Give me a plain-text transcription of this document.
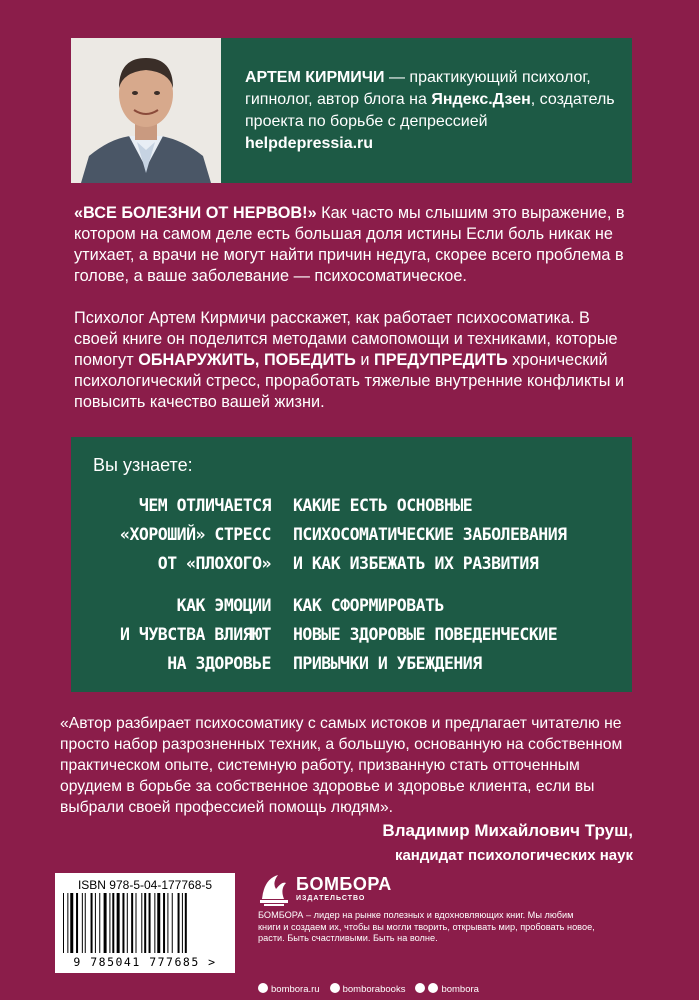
АРТЕМ КИРМИЧИ — практикующий психолог, гипнолог, автор блога на Яндекс.Дзен, создатель проекта по борьбе с депрессией helpdepressia.ru

«ВСЕ БОЛЕЗНИ ОТ НЕРВОВ!» Как часто мы слышим это выражение, в котором на самом деле есть большая доля истины Если боль никак не утихает, а врачи не могут найти причин недуга, скорее всего проблема в голове, а ваше заболевание — психосоматическое.

Психолог Артем Кирмичи расскажет, как работает психосоматика. В своей книге он поделится методами самопомощи и техниками, которые помогут ОБНАРУЖИТЬ, ПОБЕДИТЬ и ПРЕДУПРЕДИТЬ хронический психологический стресс, проработать тяжелые внутренние конфликты и повысить качество вашей жизни.

Вы узнаете:
ЧЕМ ОТЛИЧАЕТСЯ
«ХОРОШИЙ» СТРЕСС
ОТ «ПЛОХОГО»
КАКИЕ ЕСТЬ ОСНОВНЫЕ
ПСИХОСОМАТИЧЕСКИЕ ЗАБОЛЕВАНИЯ
И КАК ИЗБЕЖАТЬ ИХ РАЗВИТИЯ
КАК ЭМОЦИИ
И ЧУВСТВА ВЛИЯЮТ
НА ЗДОРОВЬЕ
КАК СФОРМИРОВАТЬ
НОВЫЕ ЗДОРОВЫЕ ПОВЕДЕНЧЕСКИЕ
ПРИВЫЧКИ И УБЕЖДЕНИЯ
«Автор разбирает психосоматику с самых истоков и предлагает читателю не просто набор разрозненных техник, а большую, основанную на собственном практическом опыте, системную работу, призванную стать отточенным орудием в борьбе за собственное здоровье и здоровье клиента, если вы выбрали своей профессией помощь людям».
Владимир Михайлович Труш,
кандидат психологических наук
ISBN 978-5-04-177768-5
9 785041 777685 >
БОМБОРА
ИЗДАТЕЛЬСТВО
БОМБОРА – лидер на рынке полезных и вдохновляющих книг. Мы любим книги и создаем их, чтобы вы могли творить, открывать мир, пробовать новое, расти. Быть счастливыми. Быть на волне.
bombora.ru	bomborabooks	bombora
